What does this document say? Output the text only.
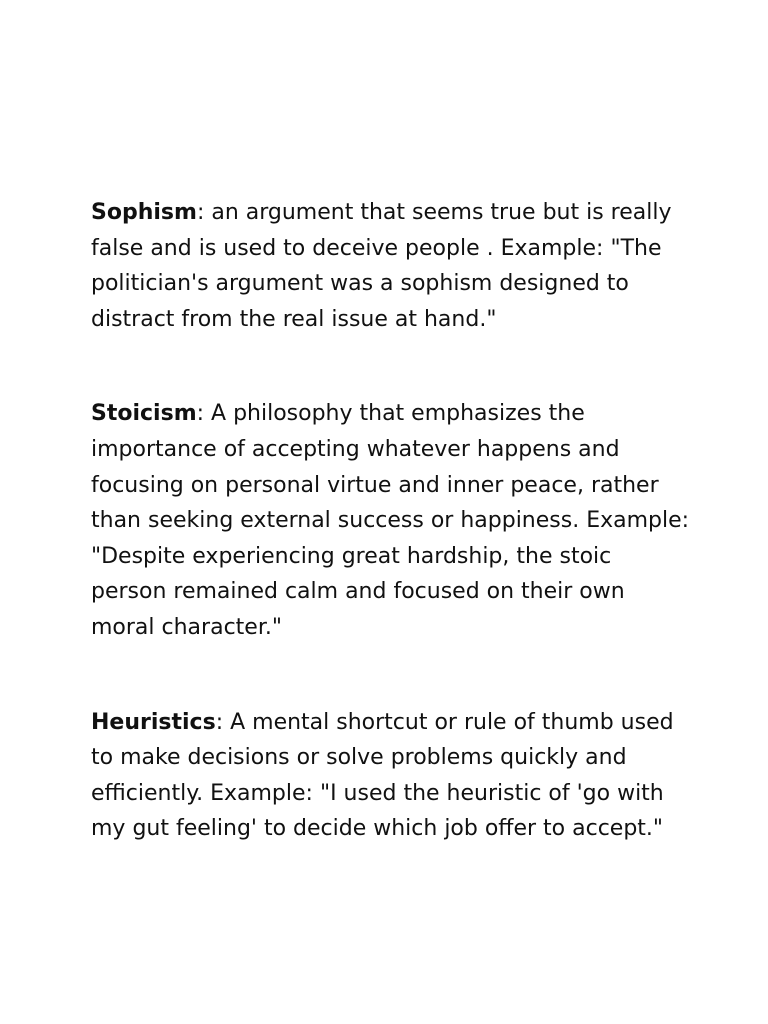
Sophism: an argument that seems true but is really false and is used to deceive people . Example: "The politician's argument was a sophism designed to distract from the real issue at hand."

Stoicism: A philosophy that emphasizes the importance of accepting whatever happens and focusing on personal virtue and inner peace, rather than seeking external success or happiness. Example: "Despite experiencing great hardship, the stoic person remained calm and focused on their own moral character."

Heuristics: A mental shortcut or rule of thumb used to make decisions or solve problems quickly and efficiently. Example: "I used the heuristic of 'go with my gut feeling' to decide which job offer to accept."
